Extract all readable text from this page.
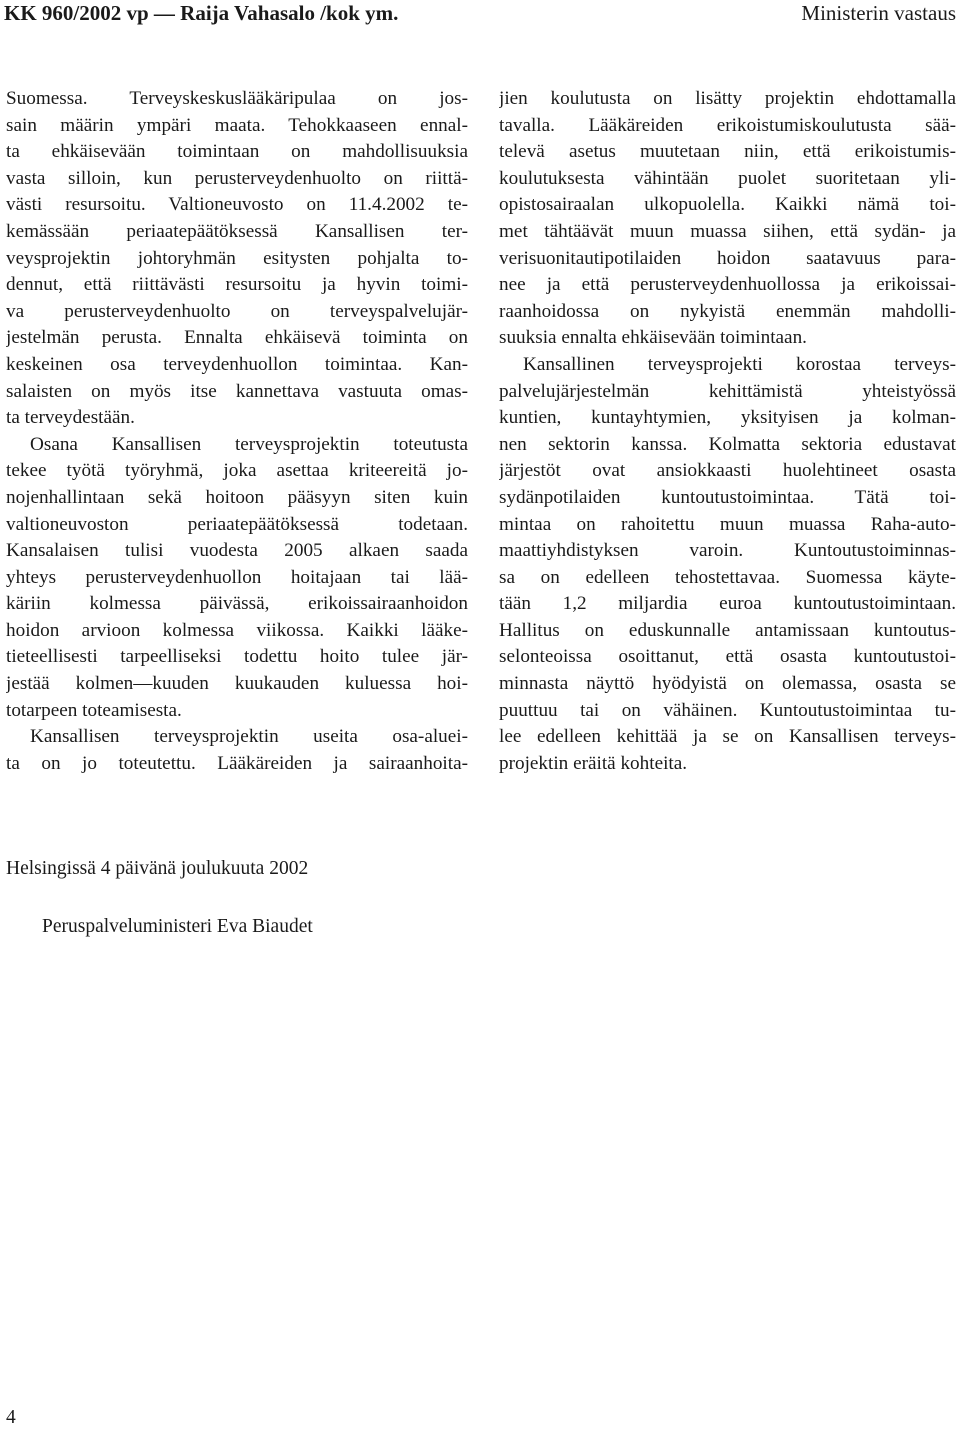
KK 960/2002 vp — Raija Vahasalo /kok ym.	Ministerin vastaus
Suomessa. Terveyskeskuslääkäripulaa on jos-
sain määrin ympäri maata. Tehokkaaseen ennal-
ta ehkäisevään toimintaan on mahdollisuuksia
vasta silloin, kun perusterveydenhuolto on riittä-
västi resursoitu. Valtioneuvosto on 11.4.2002 te-
kemässään periaatepäätöksessä Kansallisen ter-
veysprojektin johtoryhmän esitysten pohjalta to-
dennut, että riittävästi resursoitu ja hyvin toimi-
va perusterveydenhuolto on terveyspalvelujär-
jestelmän perusta. Ennalta ehkäisevä toiminta on
keskeinen osa terveydenhuollon toimintaa. Kan-
salaisten on myös itse kannettava vastuuta omas-
ta terveydestään.
Osana Kansallisen terveysprojektin toteutusta
tekee työtä työryhmä, joka asettaa kriteereitä jo-
nojenhallintaan sekä hoitoon pääsyyn siten kuin
valtioneuvoston periaatepäätöksessä todetaan.
Kansalaisen tulisi vuodesta 2005 alkaen saada
yhteys perusterveydenhuollon hoitajaan tai lää-
käriin kolmessa päivässä, erikoissairaanhoidon
hoidon arvioon kolmessa viikossa. Kaikki lääke-
tieteellisesti tarpeelliseksi todettu hoito tulee jär-
jestää kolmen—kuuden kuukauden kuluessa hoi-
totarpeen toteamisesta.
Kansallisen terveysprojektin useita osa-aluei-
ta on jo toteutettu. Lääkäreiden ja sairaanhoita-
jien koulutusta on lisätty projektin ehdottamalla
tavalla. Lääkäreiden erikoistumiskoulutusta sää-
televä asetus muutetaan niin, että erikoistumis-
koulutuksesta vähintään puolet suoritetaan yli-
opistosairaalan ulkopuolella. Kaikki nämä toi-
met tähtäävät muun muassa siihen, että sydän- ja
verisuonitautipotilaiden hoidon saatavuus para-
nee ja että perusterveydenhuollossa ja erikoissai-
raanhoidossa on nykyistä enemmän mahdolli-
suuksia ennalta ehkäisevään toimintaan.
Kansallinen terveysprojekti korostaa terveys-
palvelujärjestelmän kehittämistä yhteistyössä
kuntien, kuntayhtymien, yksityisen ja kolman-
nen sektorin kanssa. Kolmatta sektoria edustavat
järjestöt ovat ansiokkaasti huolehtineet osasta
sydänpotilaiden kuntoutustoimintaa. Tätä toi-
mintaa on rahoitettu muun muassa Raha-auto-
maattiyhdistyksen varoin. Kuntoutustoiminnas-
sa on edelleen tehostettavaa. Suomessa käyte-
tään 1,2 miljardia euroa kuntoutustoimintaan.
Hallitus on eduskunnalle antamissaan kuntoutus-
selonteoissa osoittanut, että osasta kuntoutustoi-
minnasta näyttö hyödyistä on olemassa, osasta se
puuttuu tai on vähäinen. Kuntoutustoimintaa tu-
lee edelleen kehittää ja se on Kansallisen terveys-
projektin eräitä kohteita.
Helsingissä 4 päivänä joulukuuta 2002
Peruspalveluministeri Eva Biaudet
4
